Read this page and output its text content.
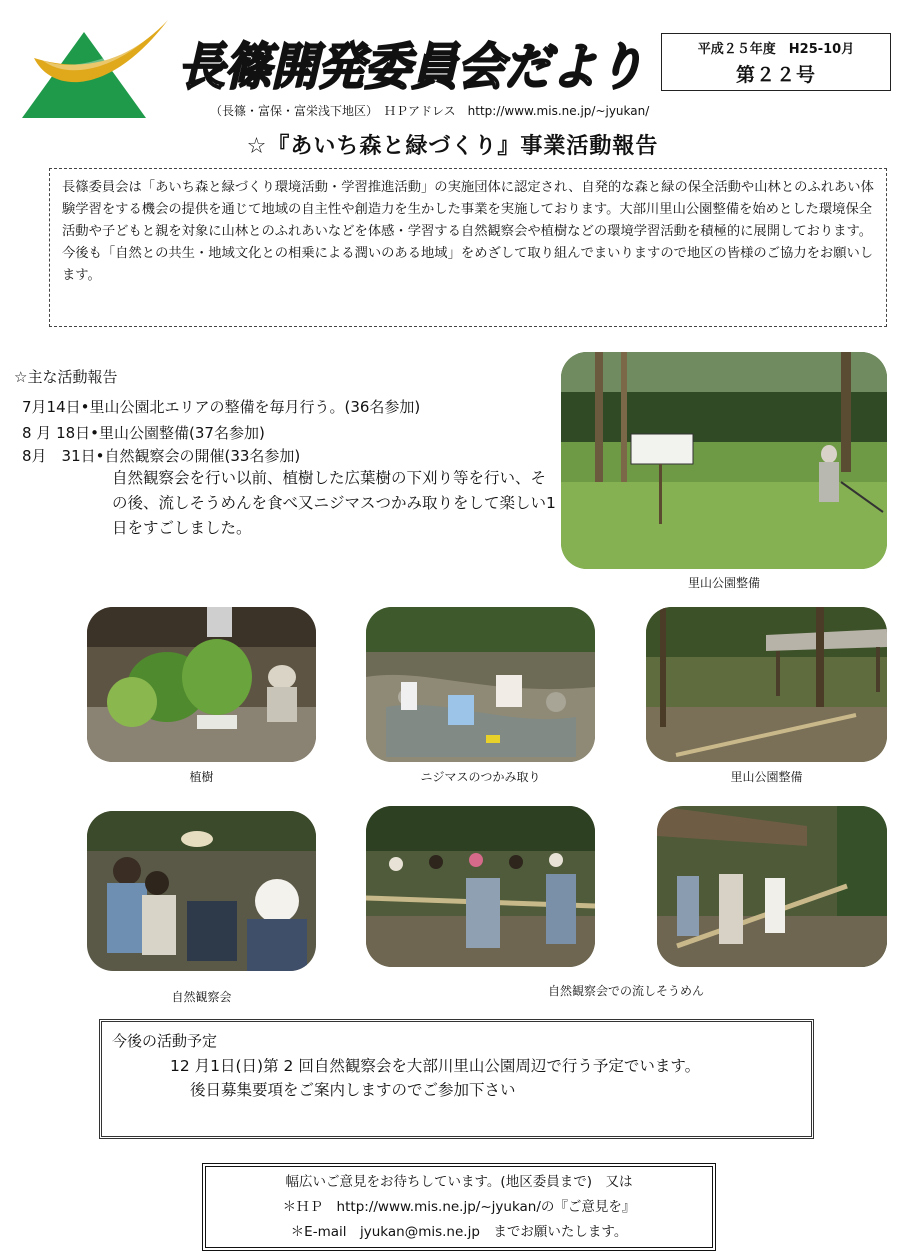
長篠開発委員会だより
（長篠・富保・富栄浅下地区）　ＨＰアドレス　http://www.mis.ne.jp/~jyukan/
平成２５年度　H25-10月
第２２号
☆『あいち森と緑づくり』事業活動報告

長篠委員会は「あいち森と緑づくり環境活動・学習推進活動」の実施団体に認定され、自発的な森と緑の保全活動や山林とのふれあい体験学習をする機会の提供を通じて地域の自主性や創造力を生かした事業を実施しております。大部川里山公園整備を始めとした環境保全活動や子どもと親を対象に山林とのふれあいなどを体感・学習する自然観察会や植樹などの環境学習活動を積極的に展開しております。

今後も「自然との共生・地域文化との相乗による潤いのある地域」をめざして取り組んでまいりますので地区の皆様のご協力をお願いします。

☆主な活動報告
7月14日•里山公園北エリアの整備を毎月行う。(36名参加)
8 月 18日•里山公園整備(37名参加)
8月　31日•自然観察会の開催(33名参加)
自然観察会を行い以前、植樹した広葉樹の下刈り等を行い、その後、流しそうめんを食べ又ニジマスつかみ取りをして楽しい1日をすごしました。
里山公園整備
植樹	ニジマスのつかみ取り	里山公園整備
自然観察会	自然観察会での流しそうめん
今後の活動予定
12 月1日(日)第 2 回自然観察会を大部川里山公園周辺で行う予定でいます。
後日募集要項をご案内しますのでご参加下さい
幅広いご意見をお待ちしています。(地区委員まで)　又は
＊ＨＰ　http://www.mis.ne.jp/~jyukan/の『ご意見を』
＊E-mail　jyukan@mis.ne.jp　までお願いたします。
